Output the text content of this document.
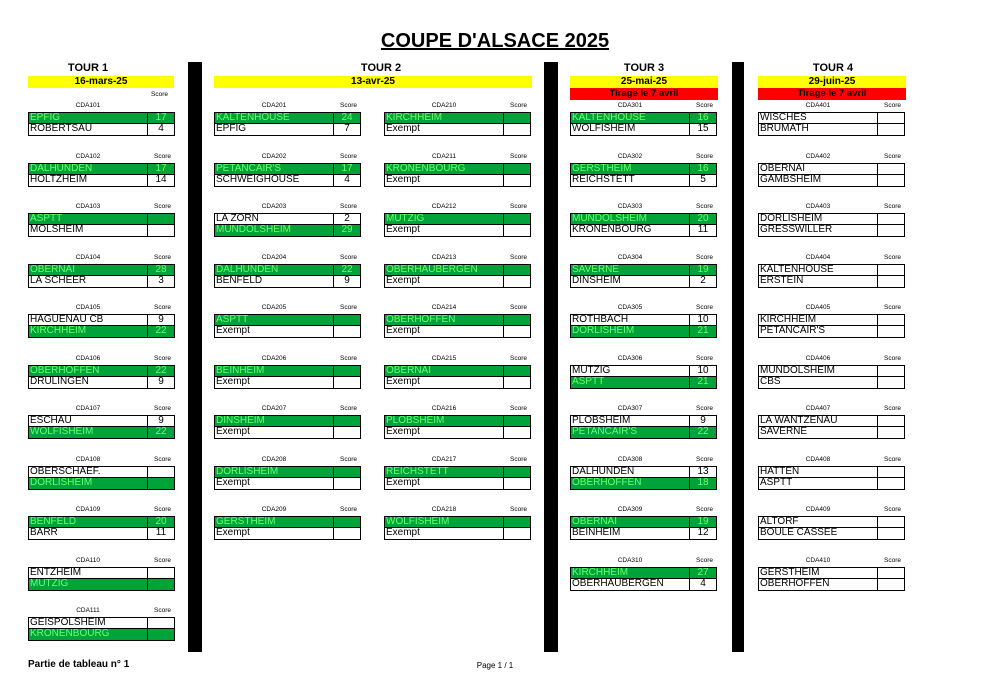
COUPE D'ALSACE 2025
TOUR 1
16-mars-25
Score
TOUR 2
13-avr-25
TOUR 3
25-mai-25
Tirage le 7 avril
TOUR 4
29-juin-25
Tirage le 7 avril
CDA101
EPFIG	17
ROBERTSAU	4
CDA102	Score
DALHUNDEN	17
HOLTZHEIM	14
CDA103	Score
ASPTT
MOLSHEIM
CDA104	Score
OBERNAI	28
LA SCHEER	3
CDA105	Score
HAGUENAU CB	9
KIRCHHEIM	22
CDA106	Score
OBERHOFFEN	22
DRULINGEN	9
CDA107	Score
ESCHAU	9
WOLFISHEIM	22
CDA108	Score
OBERSCHAEF.
DORLISHEIM
CDA109	Score
BENFELD	20
BARR	11
CDA110	Score
ENTZHEIM
MUTZIG
CDA111	Score
GEISPOLSHEIM
KRONENBOURG
CDA201	Score
KALTENHOUSE	24
EPFIG	7
CDA202	Score
PETANCAIR'S	17
SCHWEIGHOUSE	4
CDA203	Score
LA ZORN	2
MUNDOLSHEIM	29
CDA204	Score
DALHUNDEN	22
BENFELD	9
CDA205	Score
ASPTT
Exempt
CDA206	Score
BEINHEIM
Exempt
CDA207	Score
DINSHEIM
Exempt
CDA208	Score
DORLISHEIM
Exempt
CDA209	Score
GERSTHEIM
Exempt
CDA210	Score
KIRCHHEIM
Exempt
CDA211	Score
KRONENBOURG
Exempt
CDA212	Score
MUTZIG
Exempt
CDA213	Score
OBERHAUBERGEN
Exempt
CDA214	Score
OBERHOFFEN
Exempt
CDA215	Score
OBERNAI
Exempt
CDA216	Score
PLOBSHEIM
Exempt
CDA217	Score
REICHSTETT
Exempt
CDA218	Score
WOLFISHEIM
Exempt
CDA301	Score
KALTENHOUSE	16
WOLFISHEIM	15
CDA302	Score
GERSTHEIM	16
REICHSTETT	5
CDA303	Score
MUNDOLSHEIM	20
KRONENBOURG	11
CDA304	Score
SAVERNE	19
DINSHEIM	2
CDA305	Score
ROTHBACH	10
DORLISHEIM	21
CDA306	Score
MUTZIG	10
ASPTT	21
CDA307	Score
PLOBSHEIM	9
PETANCAIR'S	22
CDA308	Score
DALHUNDEN	13
OBERHOFFEN	18
CDA309	Score
OBERNAI	19
BEINHEIM	12
CDA310	Score
KIRCHHEIM	27
OBERHAUBERGEN	4
CDA401	Score
WISCHES
BRUMATH
CDA402	Score
OBERNAI
GAMBSHEIM
CDA403	Score
DORLISHEIM
GRESSWILLER
CDA404	Score
KALTENHOUSE
ERSTEIN
CDA405	Score
KIRCHHEIM
PETANCAIR'S
CDA406	Score
MUNDOLSHEIM
CBS
CDA407	Score
LA WANTZENAU
SAVERNE
CDA408	Score
HATTEN
ASPTT
CDA409	Score
ALTORF
BOULE CASSEE
CDA410	Score
GERSTHEIM
OBERHOFFEN
Partie de tableau n° 1	Page 1 / 1
